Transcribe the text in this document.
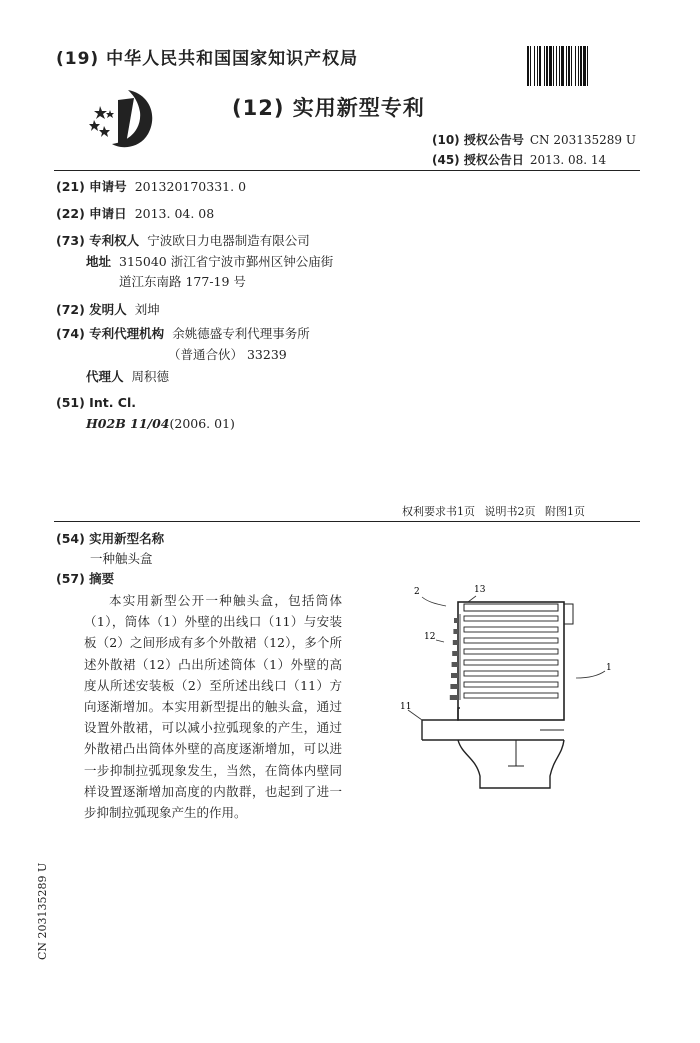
(19) 中华人民共和国国家知识产权局
(12) 实用新型专利
(10) 授权公告号 CN 203135289 U
(45) 授权公告日 2013. 08. 14
(21) 申请号 201320170331. 0
(22) 申请日 2013. 04. 08
(73) 专利权人 宁波欧日力电器制造有限公司
地址 315040 浙江省宁波市鄞州区钟公庙街
道江东南路 177-19 号
(72) 发明人 刘坤
(74) 专利代理机构 余姚德盛专利代理事务所
（普通合伙） 33239
代理人 周积德
(51) Int. Cl.
H02B 11/04(2006. 01)
权利要求书1页 说明书2页 附图1页
(54) 实用新型名称
一种触头盒
(57) 摘要
本实用新型公开一种触头盒，包括筒体（1），筒体（1）外壁的出线口（11）与安装板（2）之间形成有多个外散裙（12），多个所述外散裙（12）凸出所述筒体（1）外壁的高度从所述安装板（2）至所述出线口（11）方向逐渐增加。本实用新型提出的触头盒，通过设置外散裙，可以减小拉弧现象的产生，通过外散裙凸出筒体外壁的高度逐渐增加，可以进一步抑制拉弧现象发生，当然，在筒体内壁同样设置逐渐增加高度的内散群，也起到了进一步抑制拉弧现象产生的作用。
2	13
12
1
11
CN 203135289 U
